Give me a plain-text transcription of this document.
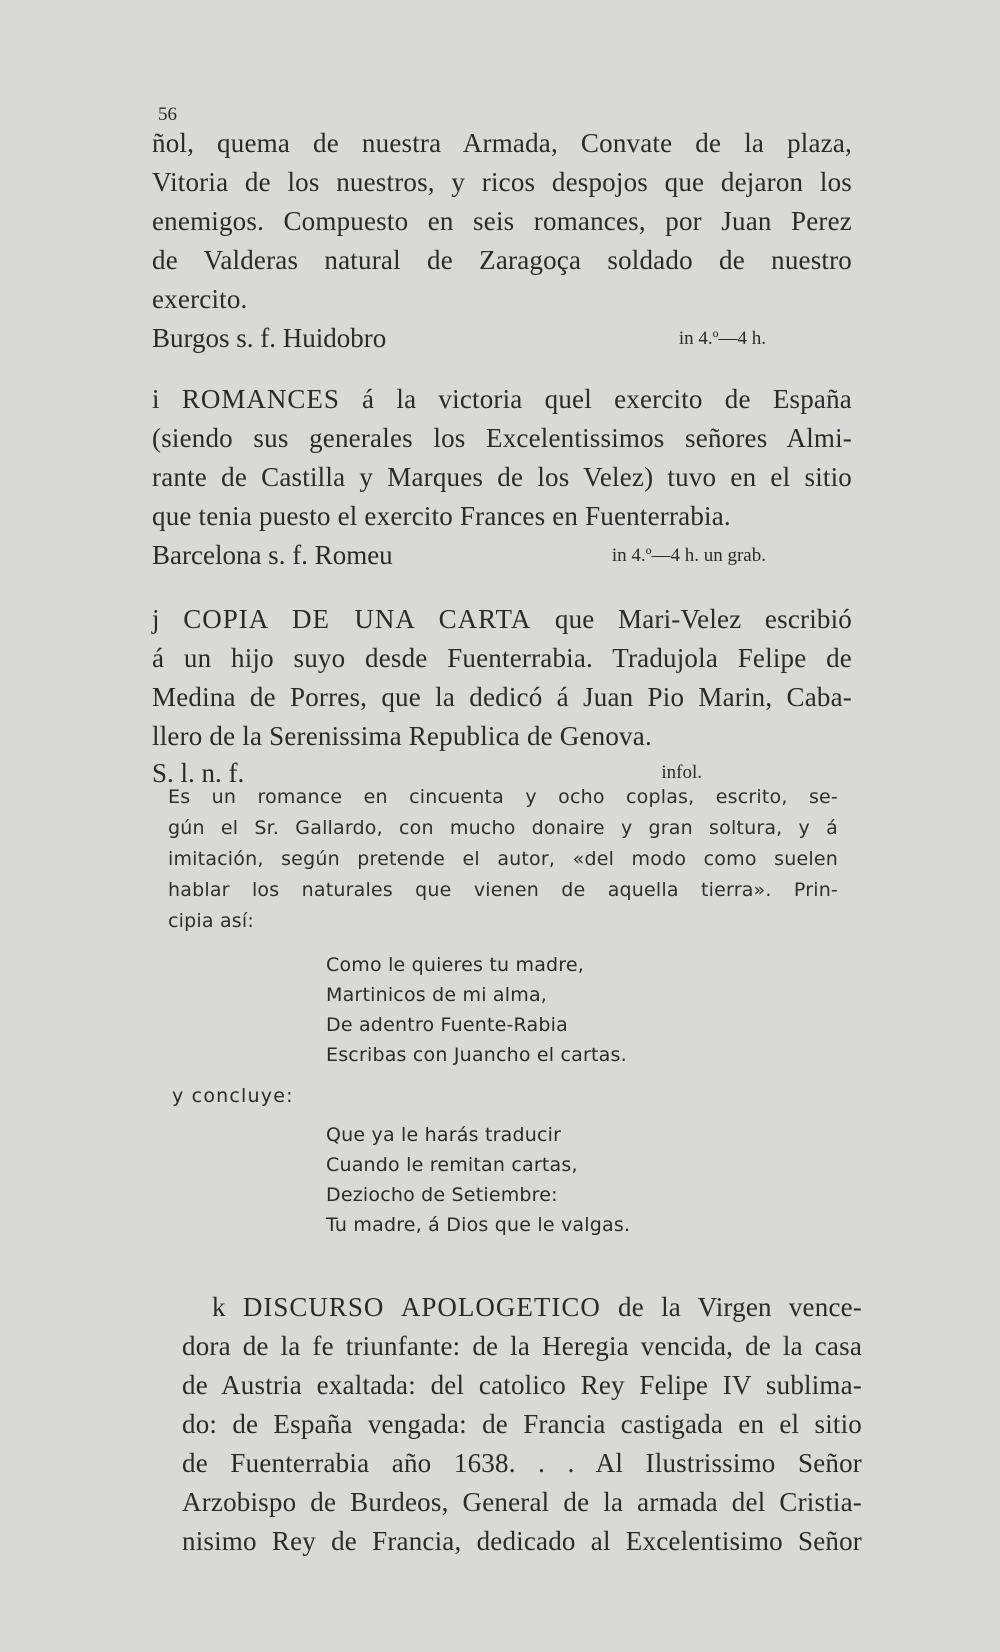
56
ñol, quema de nuestra Armada, Convate de la plaza,
Vitoria de los nuestros, y ricos despojos que dejaron los
enemigos. Compuesto en seis romances, por Juan Perez
de Valderas natural de Zaragoça soldado de nuestro
exercito.
Burgos s. f. Huidobro	in 4.º—4 h.
i ROMANCES á la victoria quel exercito de España
(siendo sus generales los Excelentissimos señores Almi-
rante de Castilla y Marques de los Velez) tuvo en el sitio
que tenia puesto el exercito Frances en Fuenterrabia.
Barcelona s. f. Romeu	in 4.º—4 h. un grab.
j COPIA DE UNA CARTA que Mari-Velez escribió
á un hijo suyo desde Fuenterrabia. Tradujola Felipe de
Medina de Porres, que la dedicó á Juan Pio Marin, Caba-
llero de la Serenissima Republica de Genova.
S. l. n. f.	infol.
Es un romance en cincuenta y ocho coplas, escrito, se-
gún el Sr. Gallardo, con mucho donaire y gran soltura, y á
imitación, según pretende el autor, «del modo como suelen
hablar los naturales que vienen de aquella tierra». Prin-
cipia así:
Como le quieres tu madre,
Martinicos de mi alma,
De adentro Fuente-Rabia
Escribas con Juancho el cartas.
y concluye:
Que ya le harás traducir
Cuando le remitan cartas,
Deziocho de Setiembre:
Tu madre, á Dios que le valgas.
k DISCURSO APOLOGETICO de la Virgen vence-
dora de la fe triunfante: de la Heregia vencida, de la casa
de Austria exaltada: del catolico Rey Felipe IV sublima-
do: de España vengada: de Francia castigada en el sitio
de Fuenterrabia año 1638. . . Al Ilustrissimo Señor
Arzobispo de Burdeos, General de la armada del Cristia-
nisimo Rey de Francia, dedicado al Excelentisimo Señor
